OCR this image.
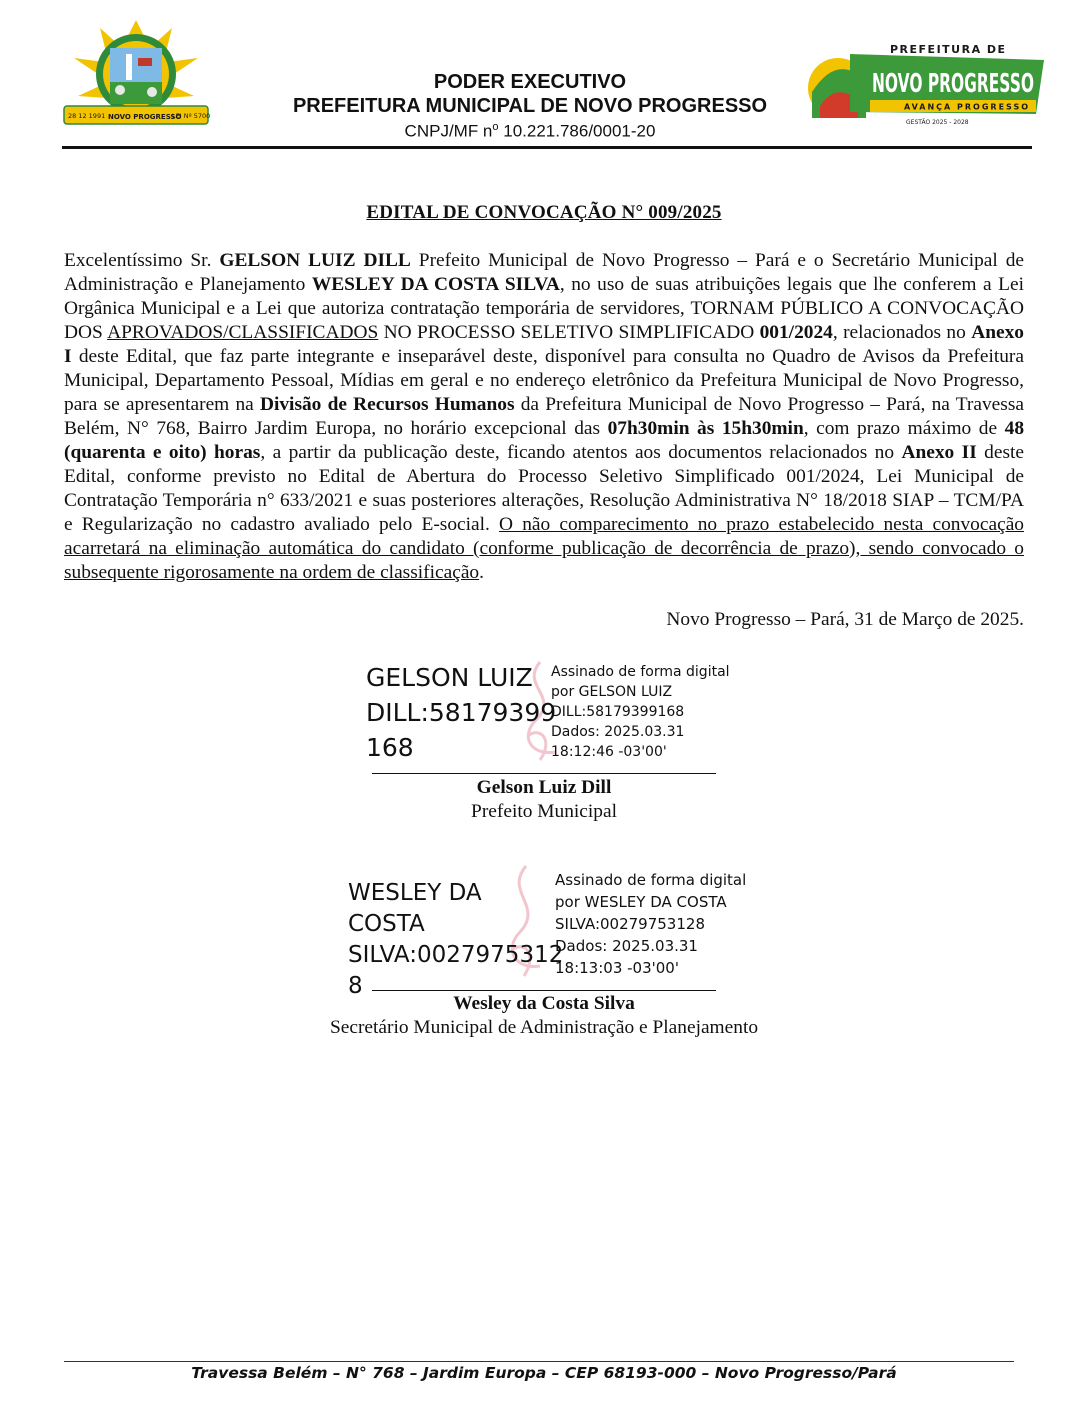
28 12 1991 NOVO PROGRESSO
LEI Nº 5700
PODER EXECUTIVO
PREFEITURA MUNICIPAL DE NOVO PROGRESSO
CNPJ/MF $n^o$ 10.221.786/0001-20
PREFEITURA DE
NOVO PROGRESSO
AVANÇA PROGRESSO
GESTÃO 2025 - 2028
EDITAL DE CONVOCAÇÃO N° 009/2025

Excelentíssimo Sr. GELSON LUIZ DILL Prefeito Municipal de Novo Progresso – Pará e o Secretário Municipal de Administração e Planejamento WESLEY DA COSTA SILVA, no uso de suas atribuições legais que lhe conferem a Lei Orgânica Municipal e a Lei que autoriza contratação temporária de servidores, TORNAM PÚBLICO A CONVOCAÇÃO DOS APROVADOS/CLASSIFICADOS NO PROCESSO SELETIVO SIMPLIFICADO 001/2024, relacionados no Anexo I deste Edital, que faz parte integrante e inseparável deste, disponível para consulta no Quadro de Avisos da Prefeitura Municipal, Departamento Pessoal, Mídias em geral e no endereço eletrônico da Prefeitura Municipal de Novo Progresso, para se apresentarem na Divisão de Recursos Humanos da Prefeitura Municipal de Novo Progresso – Pará, na Travessa Belém, N° 768, Bairro Jardim Europa, no horário excepcional das 07h30min às 15h30min, com prazo máximo de 48 (quarenta e oito) horas, a partir da publicação deste, ficando atentos aos documentos relacionados no Anexo II deste Edital, conforme previsto no Edital de Abertura do Processo Seletivo Simplificado 001/2024, Lei Municipal de Contratação Temporária n° 633/2021 e suas posteriores alterações, Resolução Administrativa N° 18/2018 SIAP – TCM/PA e Regularização no cadastro avaliado pelo E-social. O não comparecimento no prazo estabelecido nesta convocação acarretará na eliminação automática do candidato (conforme publicação de decorrência de prazo), sendo convocado o subsequente rigorosamente na ordem de classificação.

Novo Progresso – Pará, 31 de Março de 2025.
GELSON LUIZ
DILL:58179399
168
Assinado de forma digital
por GELSON LUIZ
DILL:58179399168
Dados: 2025.03.31
18:12:46 -03'00'
Gelson Luiz Dill
Prefeito Municipal
WESLEY DA COSTA
SILVA:0027975312
8
Assinado de forma digital
por WESLEY DA COSTA
SILVA:00279753128
Dados: 2025.03.31
18:13:03 -03'00'
Wesley da Costa Silva
Secretário Municipal de Administração e Planejamento
Travessa Belém – N° 768 – Jardim Europa – CEP 68193-000 – Novo Progresso/Pará
